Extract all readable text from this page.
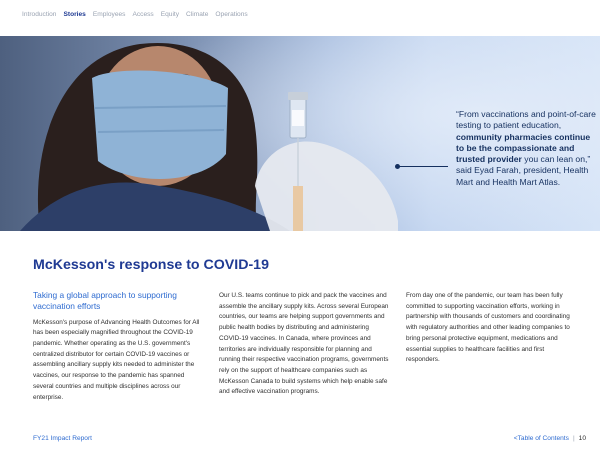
Introduction Stories Employees Access Equity Climate Operations
“From vaccinations and point-of-care testing to patient education, community pharmacies continue to be the compassionate and trusted provider you can lean on,” said Eyad Farah, president, Health Mart and Health Mart Atlas.
McKesson's response to COVID-19
Taking a global approach to supporting vaccination efforts

McKesson's purpose of Advancing Health Outcomes for All has been especially magnified throughout the COVID-19 pandemic. Whether operating as the U.S. government's centralized distributor for certain COVID-19 vaccines or assembling ancillary supply kits needed to administer the vaccines, our response to the pandemic has spanned several countries and multiple disciplines across our enterprise.

Our U.S. teams continue to pick and pack the vaccines and assemble the ancillary supply kits. Across several European countries, our teams are helping support governments and public health bodies by distributing and administering COVID-19 vaccines. In Canada, where provinces and territories are individually responsible for planning and running their respective vaccination programs, governments rely on the support of healthcare companies such as McKesson Canada to build systems which help enable safe and effective vaccination programs.

From day one of the pandemic, our team has been fully committed to supporting vaccination efforts, working in partnership with thousands of customers and coordinating with regulatory authorities and other leading companies to bring personal protective equipment, medications and essential supplies to healthcare facilities and first responders.

FY21 Impact Report	<Table of Contents | 10
